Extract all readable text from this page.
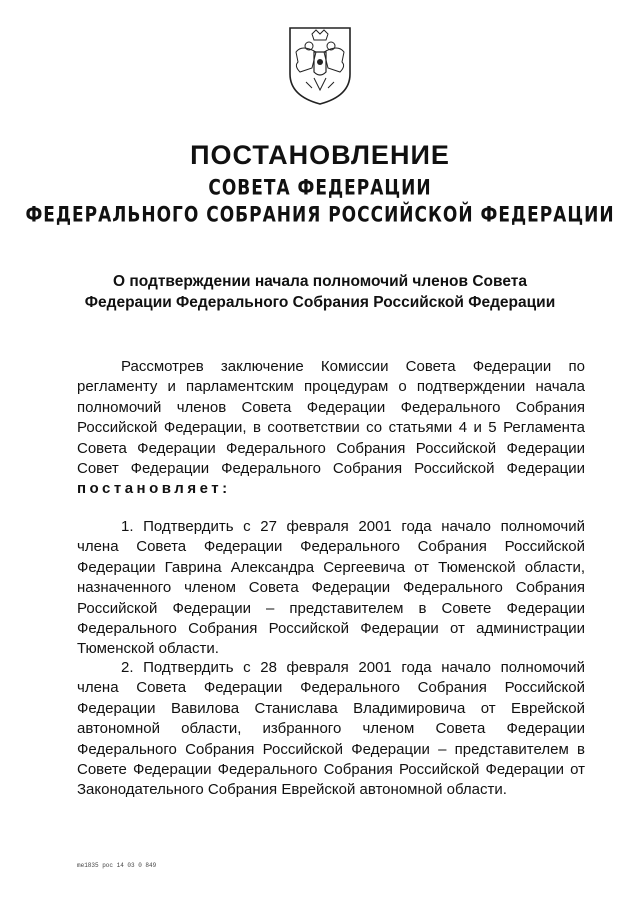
ПОСТАНОВЛЕНИЕ
СОВЕТА ФЕДЕРАЦИИ
ФЕДЕРАЛЬНОГО СОБРАНИЯ РОССИЙСКОЙ ФЕДЕРАЦИИ
О подтверждении начала полномочий членов Совета
Федерации Федерального Собрания Российской Федерации

Рассмотрев заключение Комиссии Совета Федерации по регламенту и парламентским процедурам о подтверждении начала полномочий членов Совета Федерации Федерального Собрания Российской Федерации, в соответствии со статьями 4 и 5 Регламента Совета Федерации Федерального Собрания Российской Федерации Совет Федерации Федерального Собрания Российской Федерации постановляет:

1. Подтвердить с 27 февраля 2001 года начало полномочий члена Совета Федерации Федерального Собрания Российской Федерации Гаврина Александра Сергеевича от Тюменской области, назначенного членом Совета Федерации Федерального Собрания Российской Федерации – представителем в Совете Федерации Федерального Собрания Российской Федерации от администрации Тюменской области.

2. Подтвердить с 28 февраля 2001 года начало полномочий члена Совета Федерации Федерального Собрания Российской Федерации Вавилова Станислава Владимировича от Еврейской автономной области, избранного членом Совета Федерации Федерального Собрания Российской Федерации – представителем в Совете Федерации Федерального Собрания Российской Федерации от Законодательного Собрания Еврейской автономной области.

me1835 рос 14 03 0 849
